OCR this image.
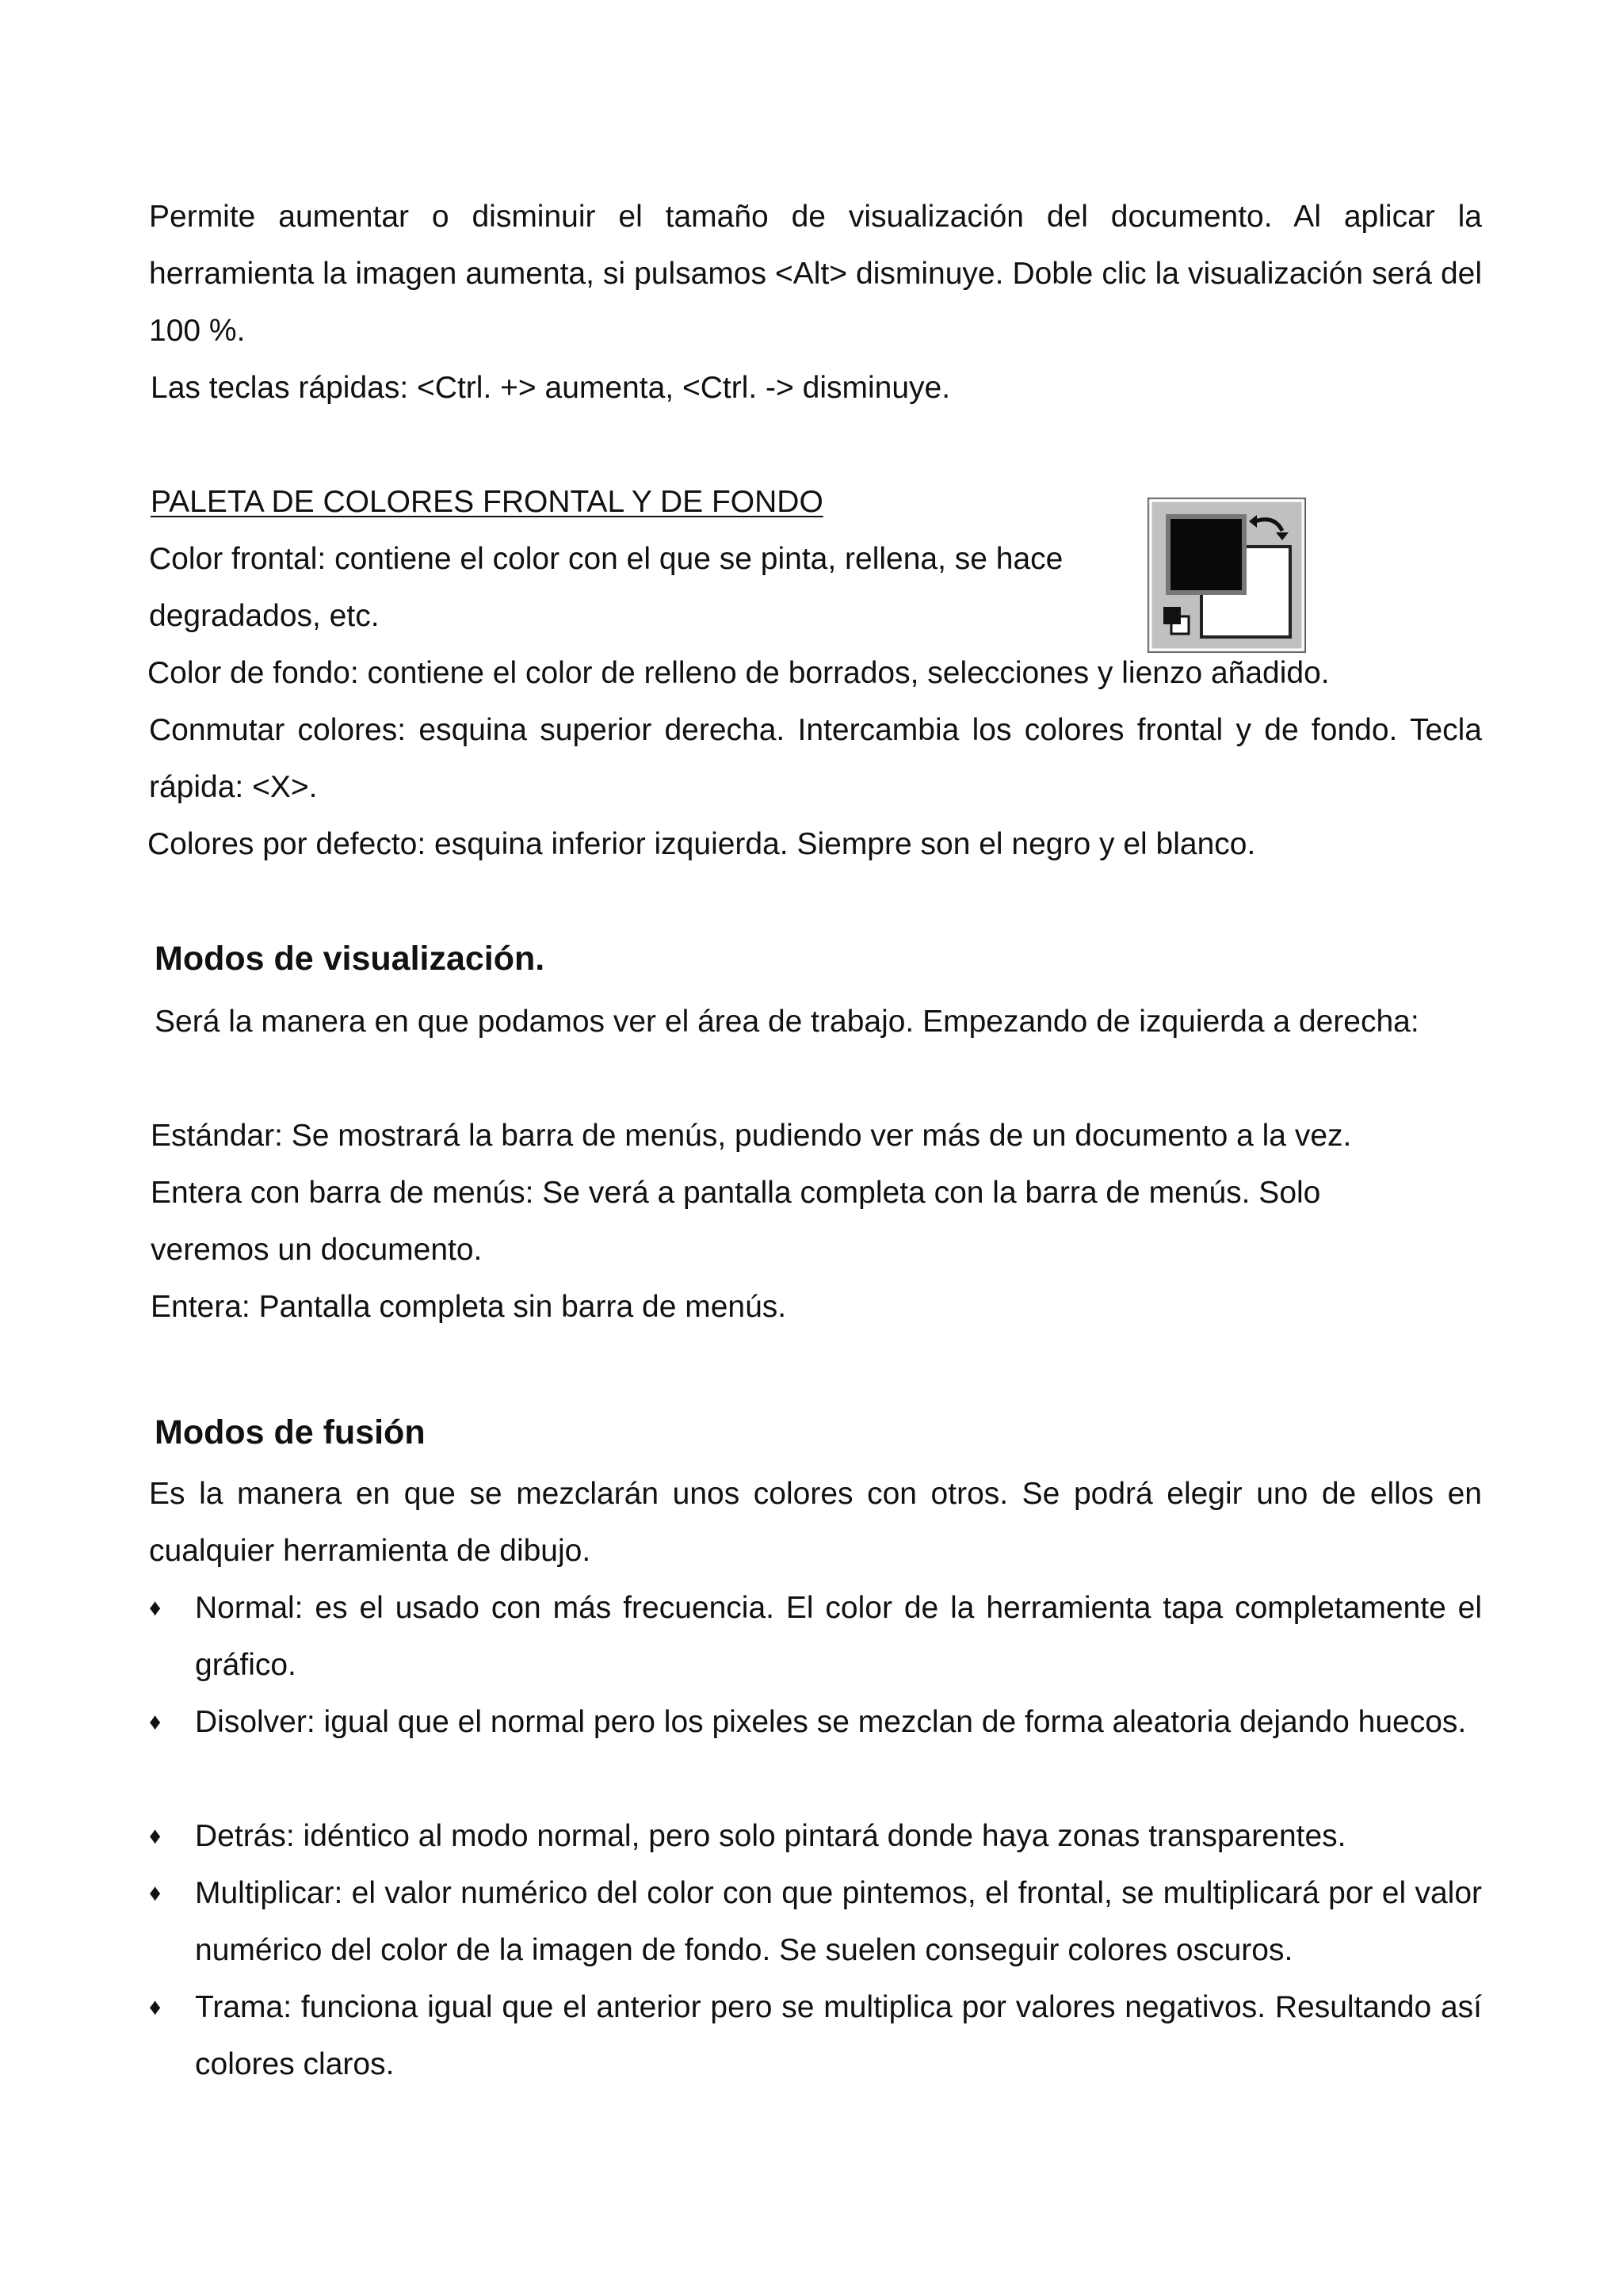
Permite aumentar o disminuir el tamaño de visualización del documento. Al aplicar la herramienta la imagen aumenta, si pulsamos <Alt> disminuye. Doble clic la visualización será del 100 %.

Las teclas rápidas: <Ctrl. +> aumenta, <Ctrl. -> disminuye.

PALETA DE COLORES FRONTAL Y DE FONDO

Color frontal: contiene el color con el que se pinta, rellena, se hace degradados, etc.

Color de fondo: contiene el color de relleno de borrados, selecciones y lienzo añadido.

Conmutar colores: esquina superior derecha. Intercambia los colores frontal y de fondo. Tecla rápida: <X>.

Colores por defecto: esquina inferior izquierda. Siempre son el negro y el blanco.

Modos de visualización.

Será la manera en que podamos ver el área de trabajo. Empezando de izquierda a derecha:

Estándar: Se mostrará la barra de menús, pudiendo ver más de un documento a la vez.

Entera con barra de menús: Se verá a pantalla completa con la barra de menús. Solo veremos un documento.

Entera: Pantalla completa sin barra de menús.

Modos de fusión

Es la manera en que se mezclarán unos colores con otros. Se podrá elegir uno de ellos en cualquier herramienta de dibujo.

♦	Normal: es el usado con más frecuencia. El color de la herramienta tapa completamente el gráfico.
♦	Disolver: igual que el normal pero los pixeles se mezclan de forma aleatoria dejando huecos.
♦	Detrás: idéntico al modo normal, pero solo pintará donde haya zonas transparentes.
♦	Multiplicar: el valor numérico del color con que pintemos, el frontal, se multiplicará por el valor numérico del color de la imagen de fondo. Se suelen conseguir colores oscuros.
♦	Trama: funciona igual que el anterior pero se multiplica por valores negativos. Resultando así colores claros.
